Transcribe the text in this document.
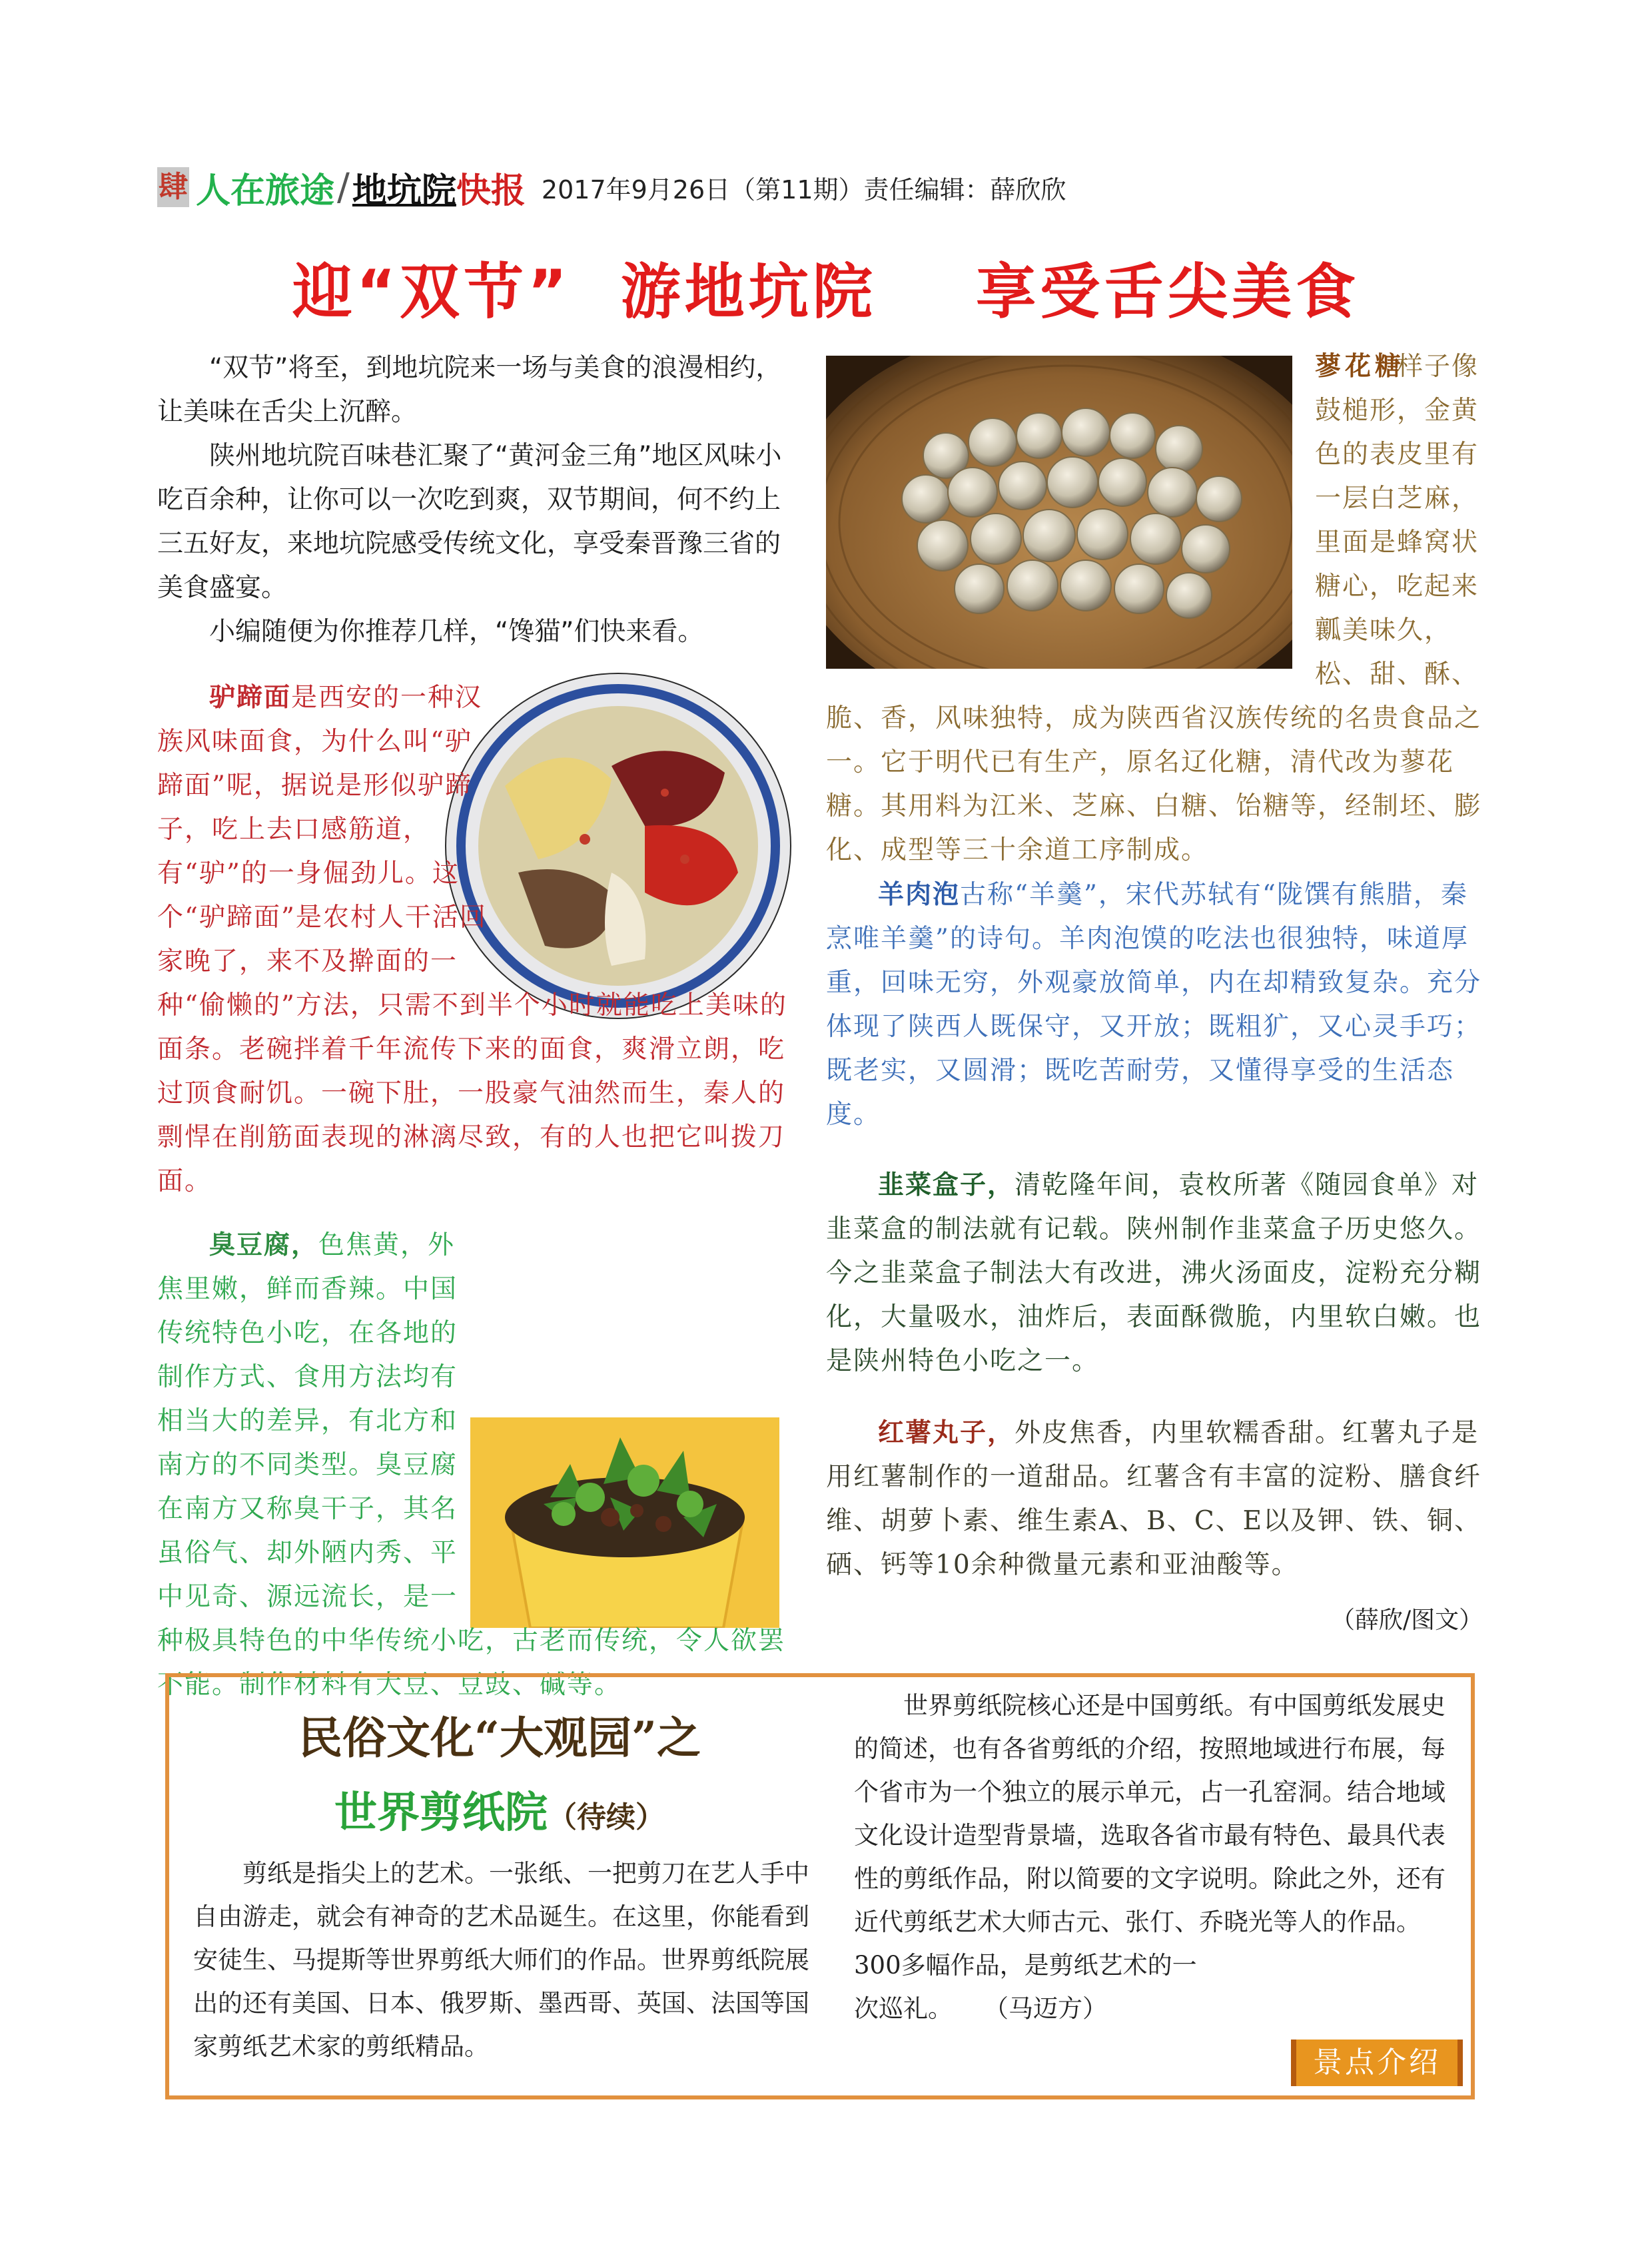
肆 人在旅途 / 地坑院 快报 2017年9月26日（第11期）责任编辑：薛欣欣
迎“双节”  游地坑院    享受舌尖美食

“双节”将至，到地坑院来一场与美食的浪漫相约，让美味在舌尖上沉醉。

陕州地坑院百味巷汇聚了“黄河金三角”地区风味小吃百余种，让你可以一次吃到爽，双节期间，何不约上三五好友，来地坑院感受传统文化，享受秦晋豫三省的美食盛宴。

小编随便为你推荐几样，“馋猫”们快来看。

蓼花糖
样子像鼓槌形，金黄色的表皮里有一层白芝麻，里面是蜂窝状糖心，吃起来瓤美味久，松、甜、酥、脆、香，风味独特，成为陕西省汉族传统的名贵食品之一。它于明代已有生产，原名辽化糖，清代改为蓼花糖。其用料为江米、芝麻、白糖、饴糖等，经制坯、膨化、成型等三十余道工序制成。
驴蹄面是西安的一种汉族风味面食，为什么叫“驴蹄面”呢，据说是形似驴蹄子，吃上去口感筋道，有“驴”的一身倔劲儿。这个“驴蹄面”是农村人干活回家晚了，来不及擀面的一种“偷懒的”方法，只需不到半个小时就能吃上美味的面条。老碗拌着千年流传下来的面食，爽滑立朗，吃过顶食耐饥。一碗下肚，一股豪气油然而生，秦人的剽悍在削筋面表现的淋漓尽致，有的人也把它叫拨刀面。
臭豆腐，色焦黄，外焦里嫩，鲜而香辣。中国传统特色小吃，在各地的制作方式、食用方法均有相当大的差异，有北方和南方的不同类型。臭豆腐在南方又称臭干子，其名虽俗气、却外陋内秀、平中见奇、源远流长，是一种极具特色的中华传统小吃，古老而传统，令人欲罢不能。制作材料有大豆、豆豉、碱等。
羊肉泡古称“羊羹”，宋代苏轼有“陇馔有熊腊，秦烹唯羊羹”的诗句。羊肉泡馍的吃法也很独特，味道厚重，回味无穷，外观豪放简单，内在却精致复杂。充分体现了陕西人既保守，又开放；既粗犷，又心灵手巧；既老实，又圆滑；既吃苦耐劳，又懂得享受的生活态度。
韭菜盒子，清乾隆年间，袁枚所著《随园食单》对韭菜盒的制法就有记载。陕州制作韭菜盒子历史悠久。今之韭菜盒子制法大有改进，沸火汤面皮，淀粉充分糊化，大量吸水，油炸后，表面酥微脆，内里软白嫩。也是陕州特色小吃之一。
红薯丸子，外皮焦香，内里软糯香甜。红薯丸子是用红薯制作的一道甜品。红薯含有丰富的淀粉、膳食纤维、胡萝卜素、维生素A、B、C、E以及钾、铁、铜、硒、钙等10余种微量元素和亚油酸等。
（薛欣/图文）
民俗文化“大观园”之
世界剪纸院（待续）

剪纸是指尖上的艺术。一张纸、一把剪刀在艺人手中自由游走，就会有神奇的艺术品诞生。在这里，你能看到安徒生、马提斯等世界剪纸大师们的作品。世界剪纸院展出的还有美国、日本、俄罗斯、墨西哥、英国、法国等国家剪纸艺术家的剪纸精品。

世界剪纸院核心还是中国剪纸。有中国剪纸发展史的简述，也有各省剪纸的介绍，按照地域进行布展，每个省市为一个独立的展示单元，占一孔窑洞。结合地域文化设计造型背景墙，选取各省市最有特色、最具代表性的剪纸作品，附以简要的文字说明。除此之外，还有近代剪纸艺术大师古元、张仃、乔晓光等人的作品。300多幅作品，是剪纸艺术的一

次巡礼。 （马迈方）

景点介绍
